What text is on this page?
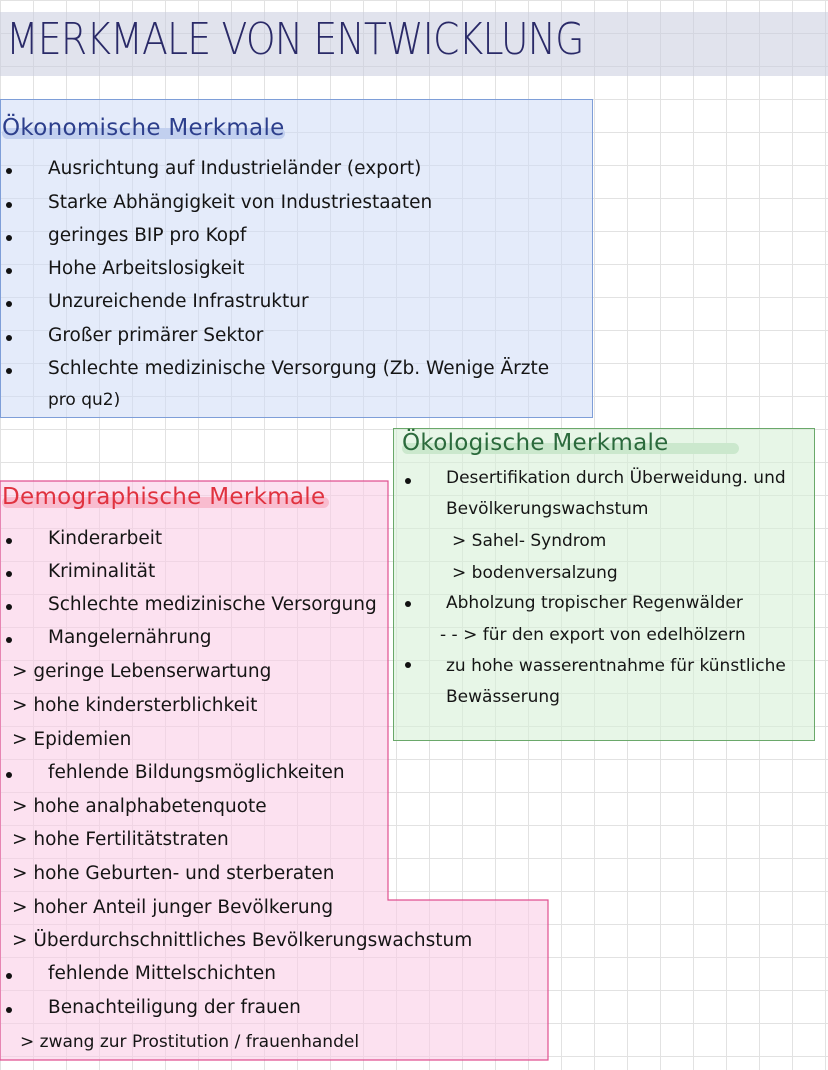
MERKMALE VON ENTWICKLUNG
Ökonomische Merkmale
Ausrichtung auf Industrieländer (export)
Starke Abhängigkeit von Industriestaaten
geringes BIP pro Kopf
Hohe Arbeitslosigkeit
Unzureichende Infrastruktur
Großer primärer Sektor
Schlechte medizinische Versorgung (Zb. Wenige Ärzte
pro qu2)
Ökologische Merkmale
Desertifikation durch Überweidung. und
Bevölkerungswachstum
> Sahel- Syndrom
> bodenversalzung
Abholzung tropischer Regenwälder
- - > für den export von edelhölzern
zu hohe wasserentnahme für künstliche
Bewässerung
Demographische Merkmale
Kinderarbeit
Kriminalität
Schlechte medizinische Versorgung
Mangelernährung
> geringe Lebenserwartung
> hohe kindersterblichkeit
> Epidemien
fehlende Bildungsmöglichkeiten
> hohe analphabetenquote
> hohe Fertilitätstraten
> hohe Geburten- und sterberaten
> hoher Anteil junger Bevölkerung
> Überdurchschnittliches Bevölkerungswachstum
fehlende Mittelschichten
Benachteiligung der frauen
> zwang zur Prostitution / frauenhandel
